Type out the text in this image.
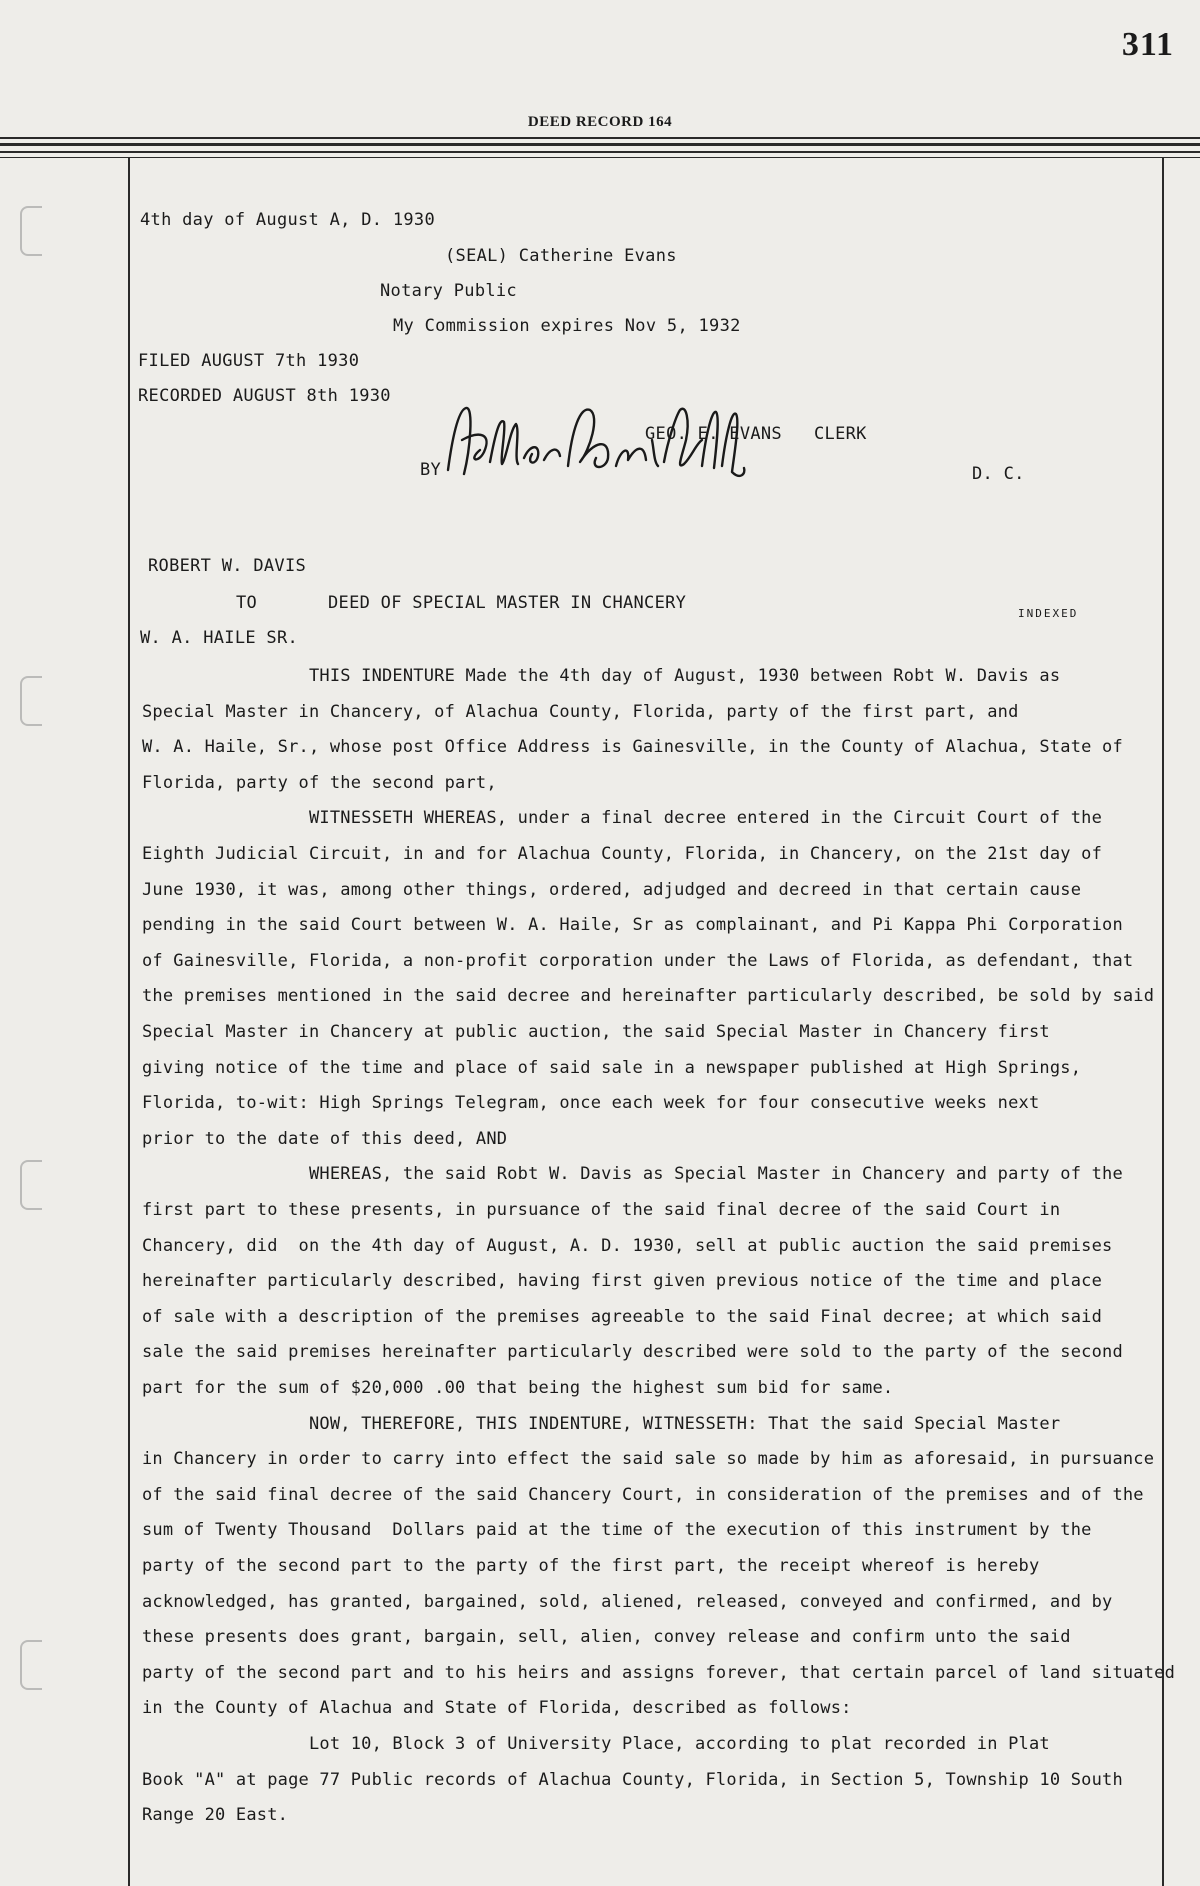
311
DEED RECORD 164
4th day of August A, D. 1930
(SEAL) Catherine Evans
Notary Public
My Commission expires Nov 5, 1932
FILED AUGUST 7th 1930
RECORDED AUGUST 8th 1930
GEO. E. EVANS CLERK
BY	D. C.
ROBERT W. DAVIS
TO	DEED OF SPECIAL MASTER IN CHANCERY
INDEXED
W. A. HAILE SR.
THIS INDENTURE Made the 4th day of August, 1930 between Robt W. Davis as
Special Master in Chancery, of Alachua County, Florida, party of the first part, and
W. A. Haile, Sr., whose post Office Address is Gainesville, in the County of Alachua, State of
Florida, party of the second part,
WITNESSETH WHEREAS, under a final decree entered in the Circuit Court of the
Eighth Judicial Circuit, in and for Alachua County, Florida, in Chancery, on the 21st day of
June 1930, it was, among other things, ordered, adjudged and decreed in that certain cause
pending in the said Court between W. A. Haile, Sr as complainant, and Pi Kappa Phi Corporation
of Gainesville, Florida, a non-profit corporation under the Laws of Florida, as defendant, that
the premises mentioned in the said decree and hereinafter particularly described, be sold by said
Special Master in Chancery at public auction, the said Special Master in Chancery first
giving notice of the time and place of said sale in a newspaper published at High Springs,
Florida, to-wit: High Springs Telegram, once each week for four consecutive weeks next
prior to the date of this deed, AND
WHEREAS, the said Robt W. Davis as Special Master in Chancery and party of the
first part to these presents, in pursuance of the said final decree of the said Court in
Chancery, did  on the 4th day of August, A. D. 1930, sell at public auction the said premises
hereinafter particularly described, having first given previous notice of the time and place
of sale with a description of the premises agreeable to the said Final decree; at which said
sale the said premises hereinafter particularly described were sold to the party of the second
part for the sum of $20,000 .00 that being the highest sum bid for same.
NOW, THEREFORE, THIS INDENTURE, WITNESSETH: That the said Special Master
in Chancery in order to carry into effect the said sale so made by him as aforesaid, in pursuance
of the said final decree of the said Chancery Court, in consideration of the premises and of the
sum of Twenty Thousand  Dollars paid at the time of the execution of this instrument by the
party of the second part to the party of the first part, the receipt whereof is hereby
acknowledged, has granted, bargained, sold, aliened, released, conveyed and confirmed, and by
these presents does grant, bargain, sell, alien, convey release and confirm unto the said
party of the second part and to his heirs and assigns forever, that certain parcel of land situated
in the County of Alachua and State of Florida, described as follows:
Lot 10, Block 3 of University Place, according to plat recorded in Plat
Book "A" at page 77 Public records of Alachua County, Florida, in Section 5, Township 10 South
Range 20 East.
